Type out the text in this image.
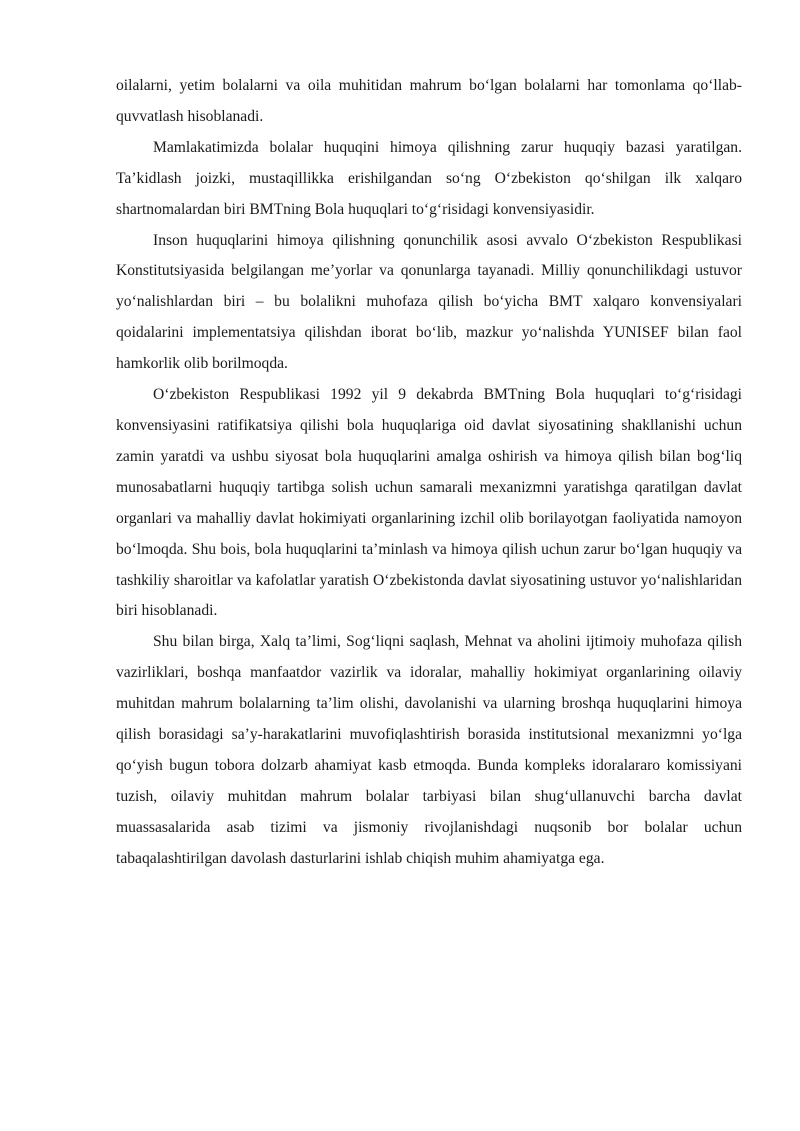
oilalarni, yetim bolalarni va oila muhitidan mahrum boʻlgan bolalarni har tomonlama qoʻllab-quvvatlash hisoblanadi.

Mamlakatimizda bolalar huquqini himoya qilishning zarur huquqiy bazasi yaratilgan. Ta’kidlash joizki, mustaqillikka erishilgandan soʻng Oʻzbekiston qoʻshilgan ilk xalqaro shartnomalardan biri BMTning Bola huquqlari toʻgʻrisidagi konvensiyasidir.

Inson huquqlarini himoya qilishning qonunchilik asosi avvalo Oʻzbekiston Respublikasi Konstitutsiyasida belgilangan me’yorlar va qonunlarga tayanadi. Milliy qonunchilikdagi ustuvor yoʻnalishlardan biri – bu bolalikni muhofaza qilish boʻyicha BMT xalqaro konvensiyalari qoidalarini implementatsiya qilishdan iborat boʻlib, mazkur yoʻnalishda YUNISEF bilan faol hamkorlik olib borilmoqda.

Oʻzbekiston Respublikasi 1992 yil 9 dekabrda BMTning Bola huquqlari toʻgʻrisidagi konvensiyasini ratifikatsiya qilishi bola huquqlariga oid davlat siyosatining shakllanishi uchun zamin yaratdi va ushbu siyosat bola huquqlarini amalga oshirish va himoya qilish bilan bogʻliq munosabatlarni huquqiy tartibga solish uchun samarali mexanizmni yaratishga qaratilgan davlat organlari va mahalliy davlat hokimiyati organlarining izchil olib borilayotgan faoliyatida namoyon boʻlmoqda. Shu bois, bola huquqlarini ta’minlash va himoya qilish uchun zarur boʻlgan huquqiy va tashkiliy sharoitlar va kafolatlar yaratish Oʻzbekistonda davlat siyosatining ustuvor yoʻnalishlaridan biri hisoblanadi.

Shu bilan birga, Xalq ta’limi, Sogʻliqni saqlash, Mehnat va aholini ijtimoiy muhofaza qilish vazirliklari, boshqa manfaatdor vazirlik va idoralar, mahalliy hokimiyat organlarining oilaviy muhitdan mahrum bolalarning ta’lim olishi, davolanishi va ularning broshqa huquqlarini himoya qilish borasidagi sa’y-harakatlarini muvofiqlashtirish borasida institutsional mexanizmni yoʻlga qoʻyish bugun tobora dolzarb ahamiyat kasb etmoqda. Bunda kompleks idoralararo komissiyani tuzish, oilaviy muhitdan mahrum bolalar tarbiyasi bilan shugʻullanuvchi barcha davlat muassasalarida asab tizimi va jismoniy rivojlanishdagi nuqsonib bor bolalar uchun tabaqalashtirilgan davolash dasturlarini ishlab chiqish muhim ahamiyatga ega.
